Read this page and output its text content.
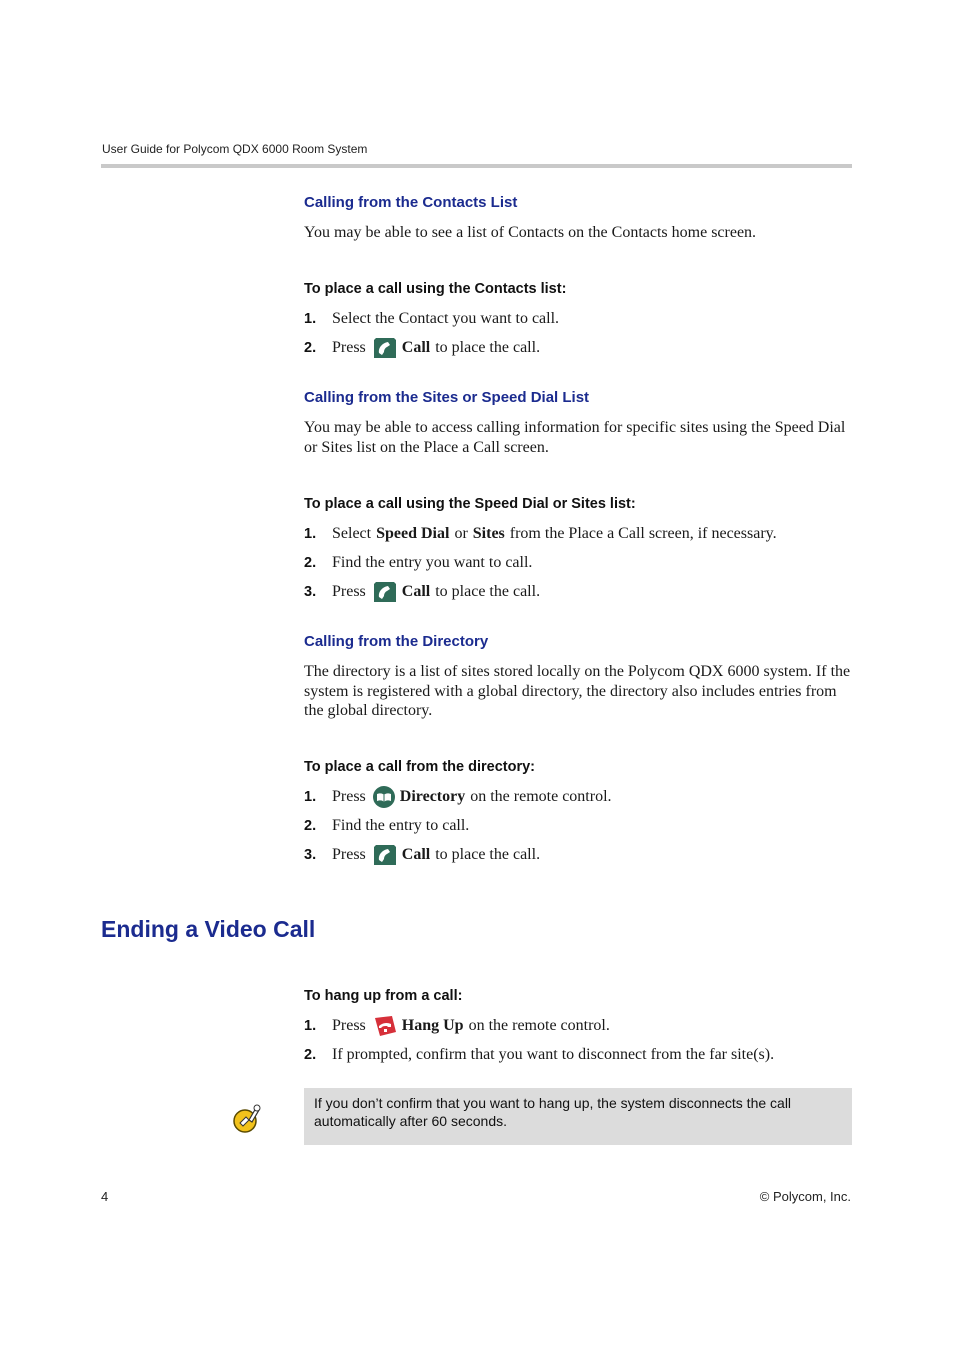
User Guide for Polycom QDX 6000 Room System
Calling from the Contacts List
You may be able to see a list of Contacts on the Contacts home screen.
To place a call using the Contacts list:
1. Select the Contact you want to call.
2. Press Call to place the call.
Calling from the Sites or Speed Dial List
You may be able to access calling information for specific sites using the Speed Dial or Sites list on the Place a Call screen.
To place a call using the Speed Dial or Sites list:
1. Select Speed Dial or Sites from the Place a Call screen, if necessary.
2. Find the entry you want to call.
3. Press Call to place the call.
Calling from the Directory
The directory is a list of sites stored locally on the Polycom QDX 6000 system. If the system is registered with a global directory, the directory also includes entries from the global directory.
To place a call from the directory:
1. Press Directory on the remote control.
2. Find the entry to call.
3. Press Call to place the call.
Ending a Video Call
To hang up from a call:
1. Press Hang Up on the remote control.
2. If prompted, confirm that you want to disconnect from the far site(s).
If you don’t confirm that you want to hang up, the system disconnects the call automatically after 60 seconds.
4	© Polycom, Inc.
